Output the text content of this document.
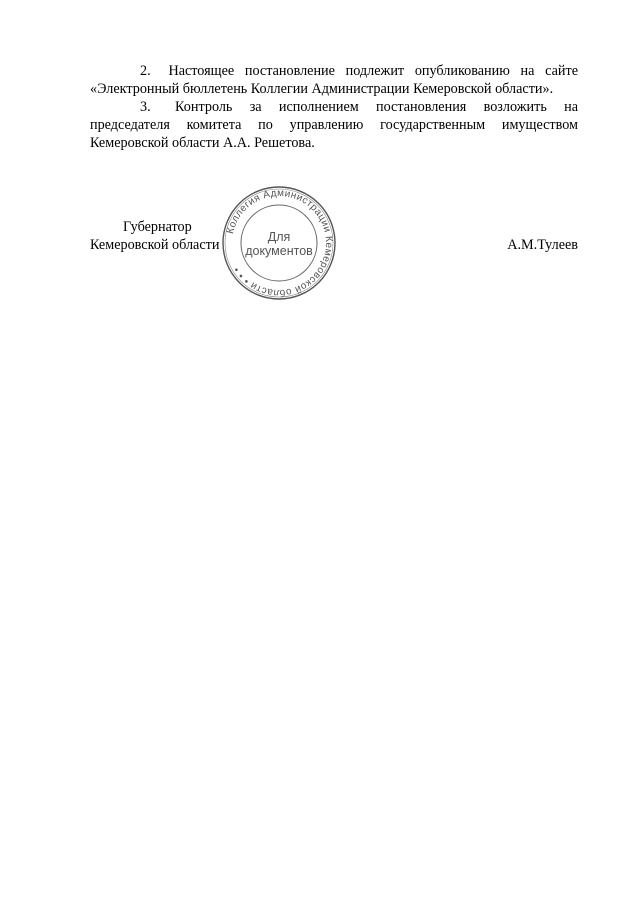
2.  Настоящее постановление подлежит опубликованию на сайте «Электронный бюллетень Коллегии Администрации Кемеровской области».

3.  Контроль за исполнением постановления возложить на председателя комитета по управлению государственным имуществом Кемеровской области А.А. Решетова.

Губернатор
Кемеровской области	А.М.Тулеев
Коллегия Администрации Кемеровской области • • •
Для
документов
